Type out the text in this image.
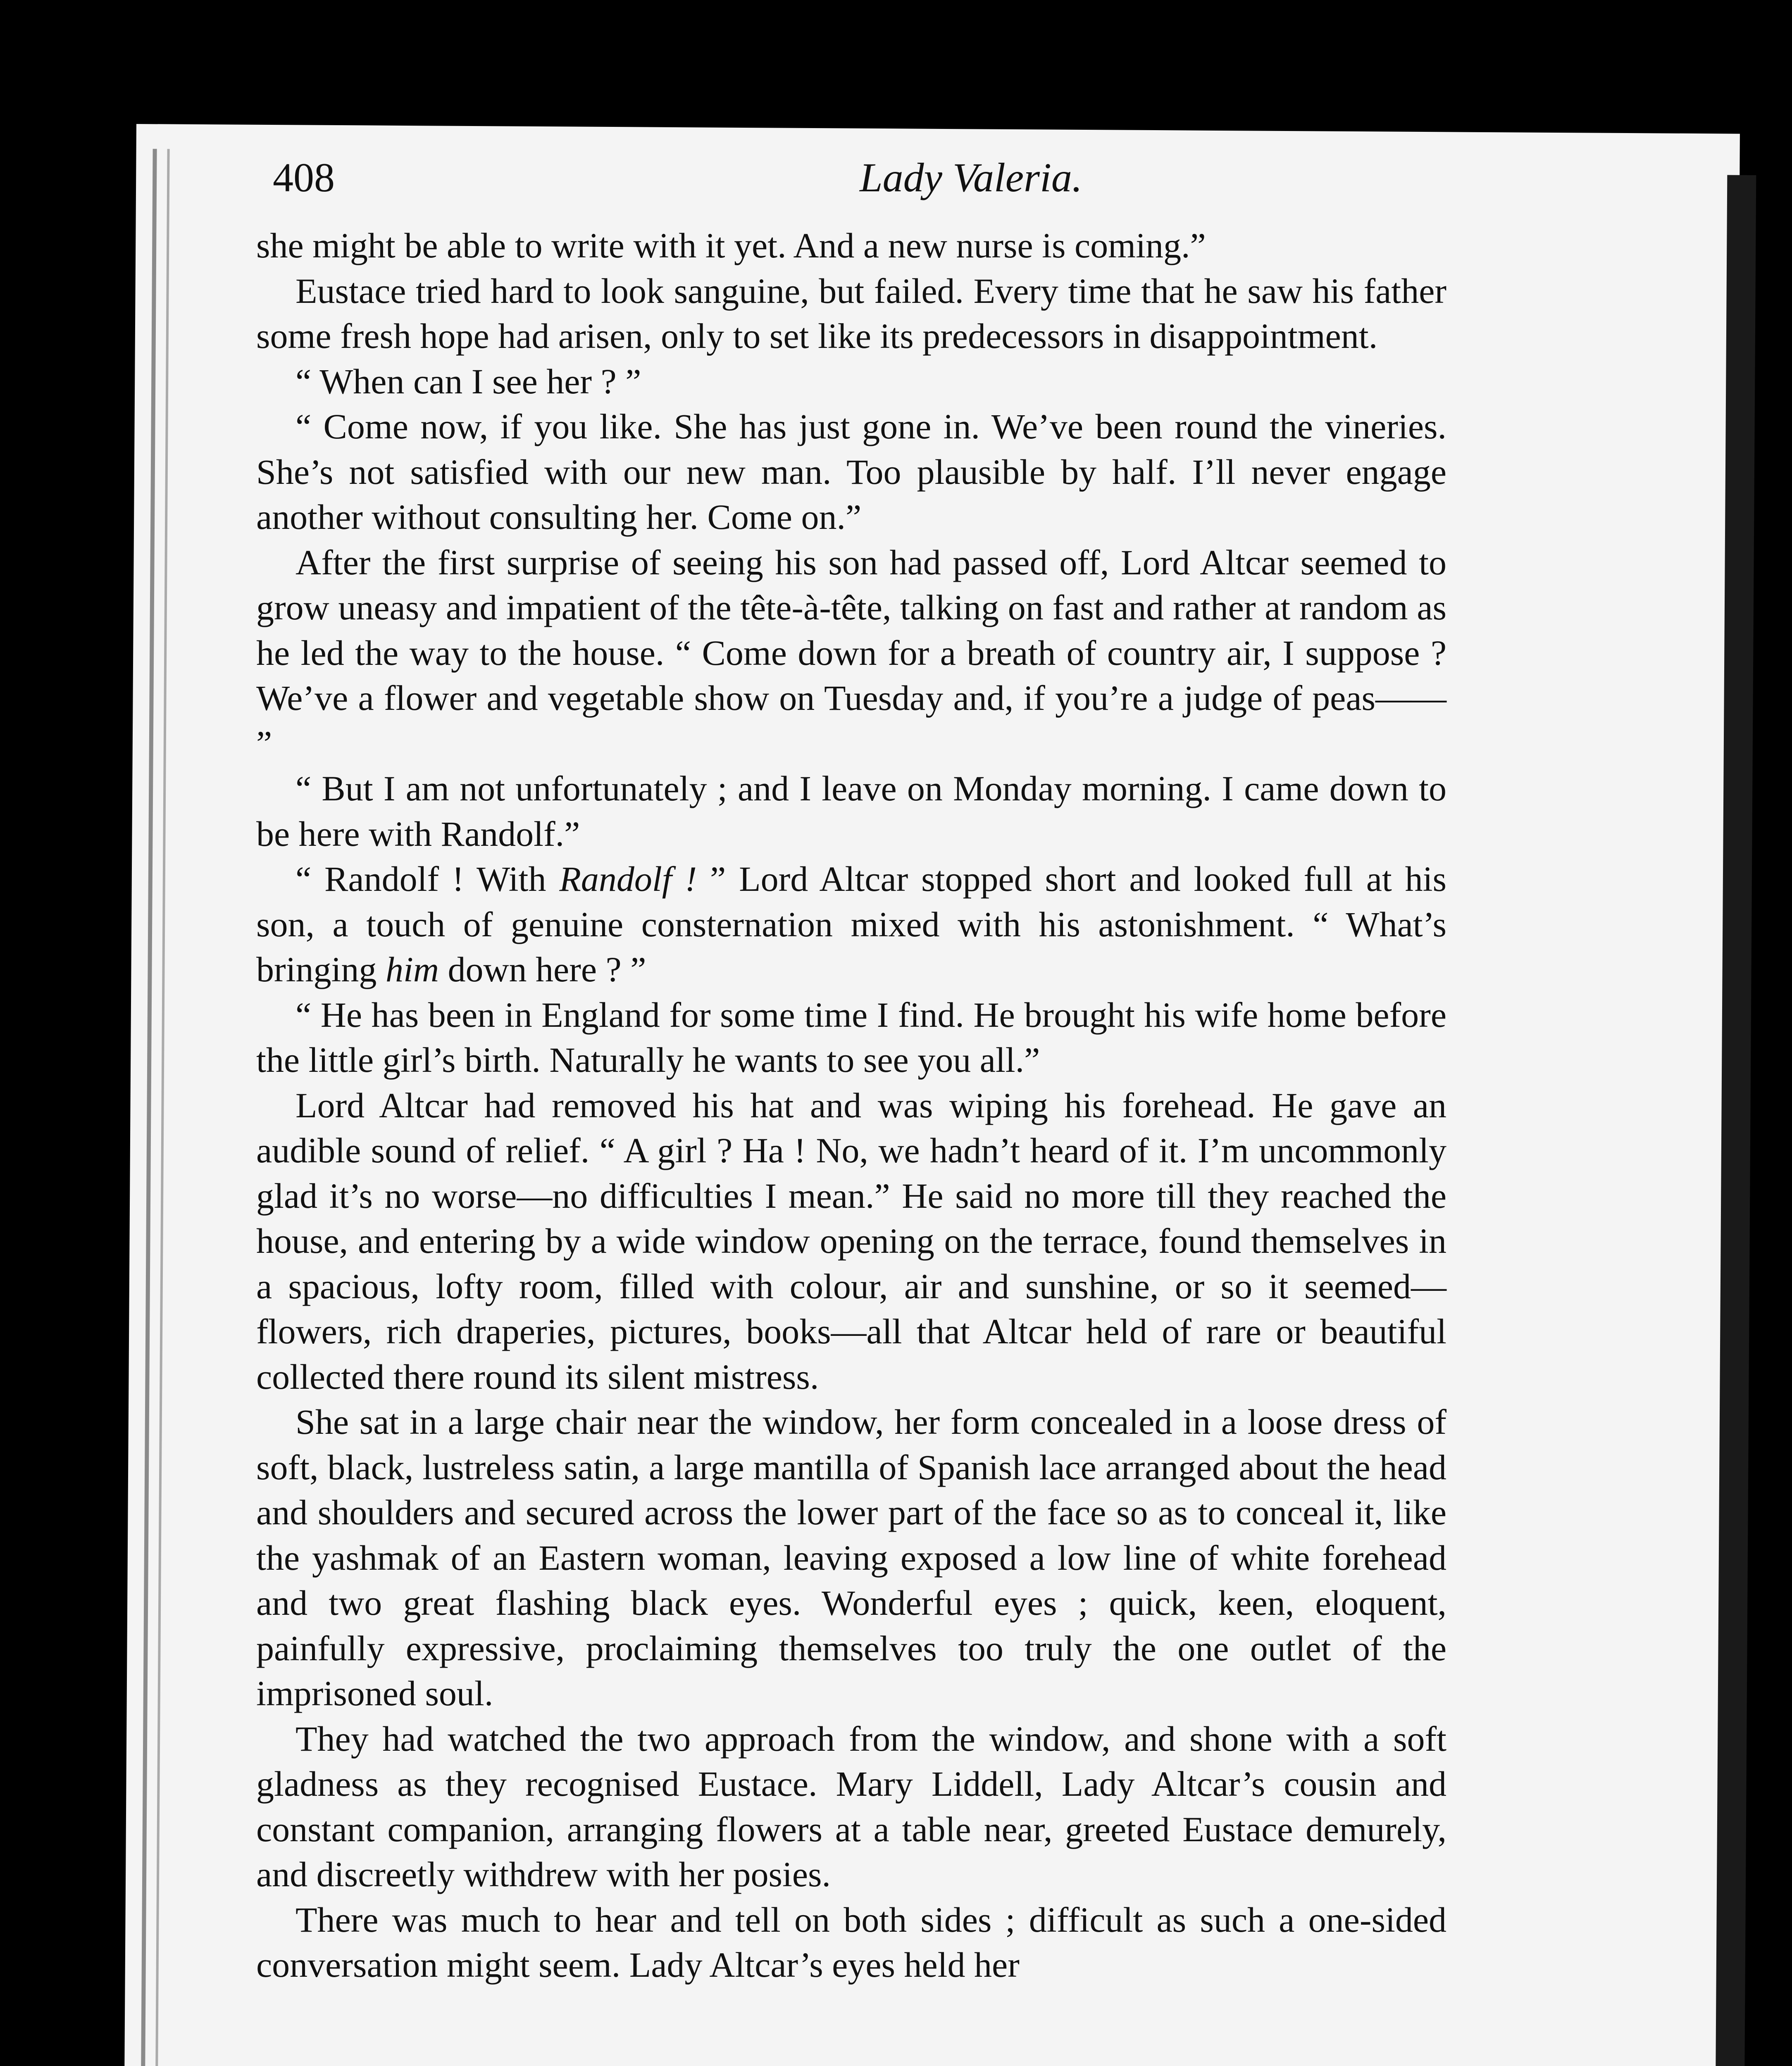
408	Lady Valeria.

she might be able to write with it yet. And a new nurse is coming.”

Eustace tried hard to look sanguine, but failed. Every time that he saw his father some fresh hope had arisen, only to set like its predecessors in disappointment.

“ When can I see her ? ”

“ Come now, if you like. She has just gone in. We’ve been round the vineries. She’s not satisfied with our new man. Too plausible by half. I’ll never engage another without consulting her. Come on.”

After the first surprise of seeing his son had passed off, Lord Altcar seemed to grow uneasy and impatient of the tête-à-tête, talking on fast and rather at random as he led the way to the house. “ Come down for a breath of country air, I suppose ? We’ve a flower and vegetable show on Tuesday and, if you’re a judge of peas—— ”

“ But I am not unfortunately ; and I leave on Monday morning. I came down to be here with Randolf.”

“ Randolf ! With Randolf ! ” Lord Altcar stopped short and looked full at his son, a touch of genuine consternation mixed with his astonishment. “ What’s bringing him down here ? ”

“ He has been in England for some time I find. He brought his wife home before the little girl’s birth. Naturally he wants to see you all.”

Lord Altcar had removed his hat and was wiping his forehead. He gave an audible sound of relief. “ A girl ? Ha ! No, we hadn’t heard of it. I’m uncommonly glad it’s no worse—no difficulties I mean.” He said no more till they reached the house, and entering by a wide window opening on the terrace, found themselves in a spacious, lofty room, filled with colour, air and sunshine, or so it seemed—flowers, rich draperies, pictures, books—all that Altcar held of rare or beautiful collected there round its silent mistress.

She sat in a large chair near the window, her form concealed in a loose dress of soft, black, lustreless satin, a large mantilla of Spanish lace arranged about the head and shoulders and secured across the lower part of the face so as to conceal it, like the yashmak of an Eastern woman, leaving exposed a low line of white forehead and two great flashing black eyes. Wonderful eyes ; quick, keen, eloquent, painfully expressive, proclaiming themselves too truly the one outlet of the imprisoned soul.

They had watched the two approach from the window, and shone with a soft gladness as they recognised Eustace. Mary Liddell, Lady Altcar’s cousin and constant companion, arranging flowers at a table near, greeted Eustace demurely, and discreetly withdrew with her posies.

There was much to hear and tell on both sides ; difficult as such a one-sided conversation might seem. Lady Altcar’s eyes held her
